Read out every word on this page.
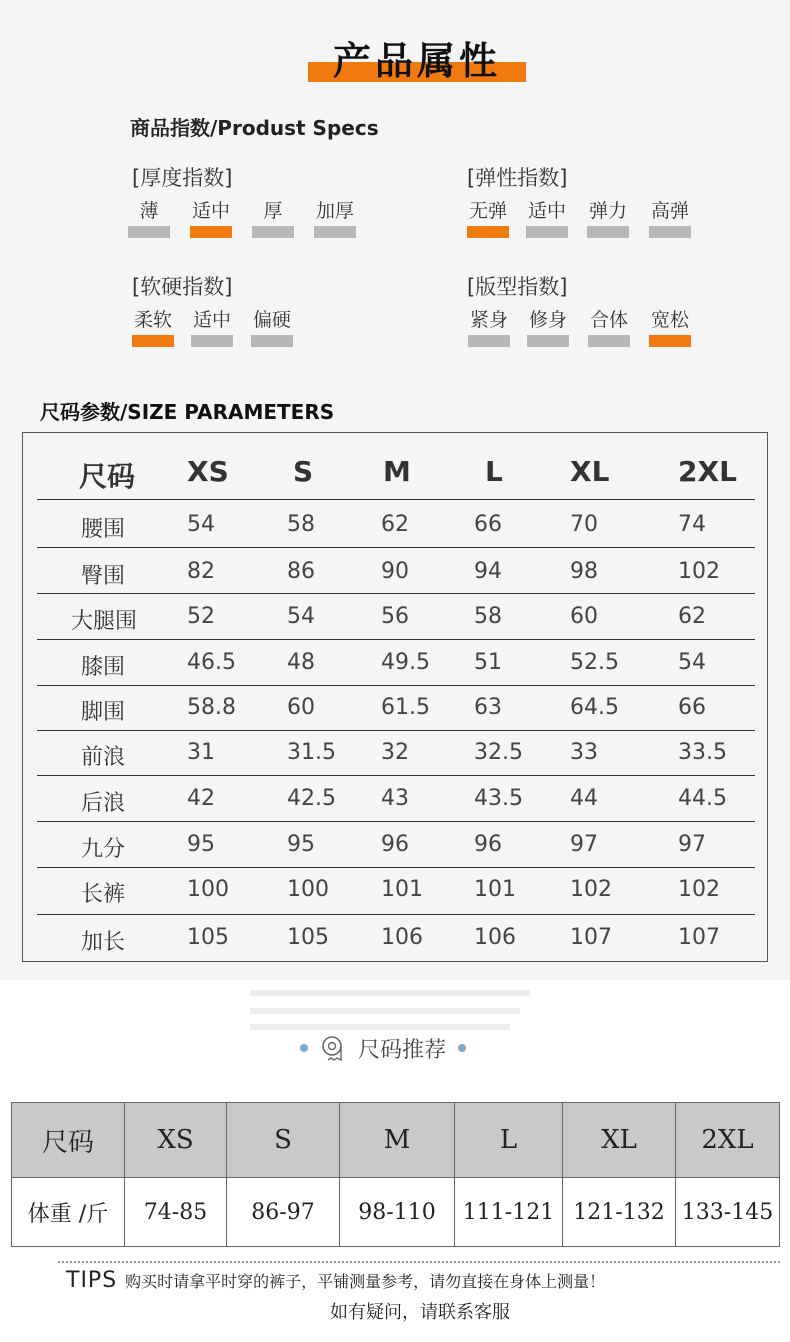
产品属性
商品指数/Produst Specs
[厚度指数]
薄	适中	厚	加厚
[弹性指数]
无弹	适中	弹力	高弹
[软硬指数]
柔软	适中	偏硬
[版型指数]
紧身	修身	合体	宽松
尺码参数/SIZE PARAMETERS
尺码 XS S M	L XL 2XL
腰围	54	58	62	66	70	74
臀围	82	86	90	94	98	102
大腿围 52	54	56	58	60	62
膝围	46.5 48	49.5 51	52.5	54
脚围	58.8 60	61.5 63	64.5	66
前浪	31	31.5 32	32.5 33	33.5
后浪	42	42.5 43	43.5 44	44.5
九分	95	95	96	96	97	97
长裤	100	100 101 101 102	102
加长	105	105 106 106 107	107
尺码推荐
尺码	XS	S	M	L	XL	2XL
体重 /斤	74-85	86-97	98-110	111-121	121-132	133-145
TIPS 购买时请拿平时穿的裤子，平铺测量参考，请勿直接在身体上测量！
如有疑问，请联系客服
